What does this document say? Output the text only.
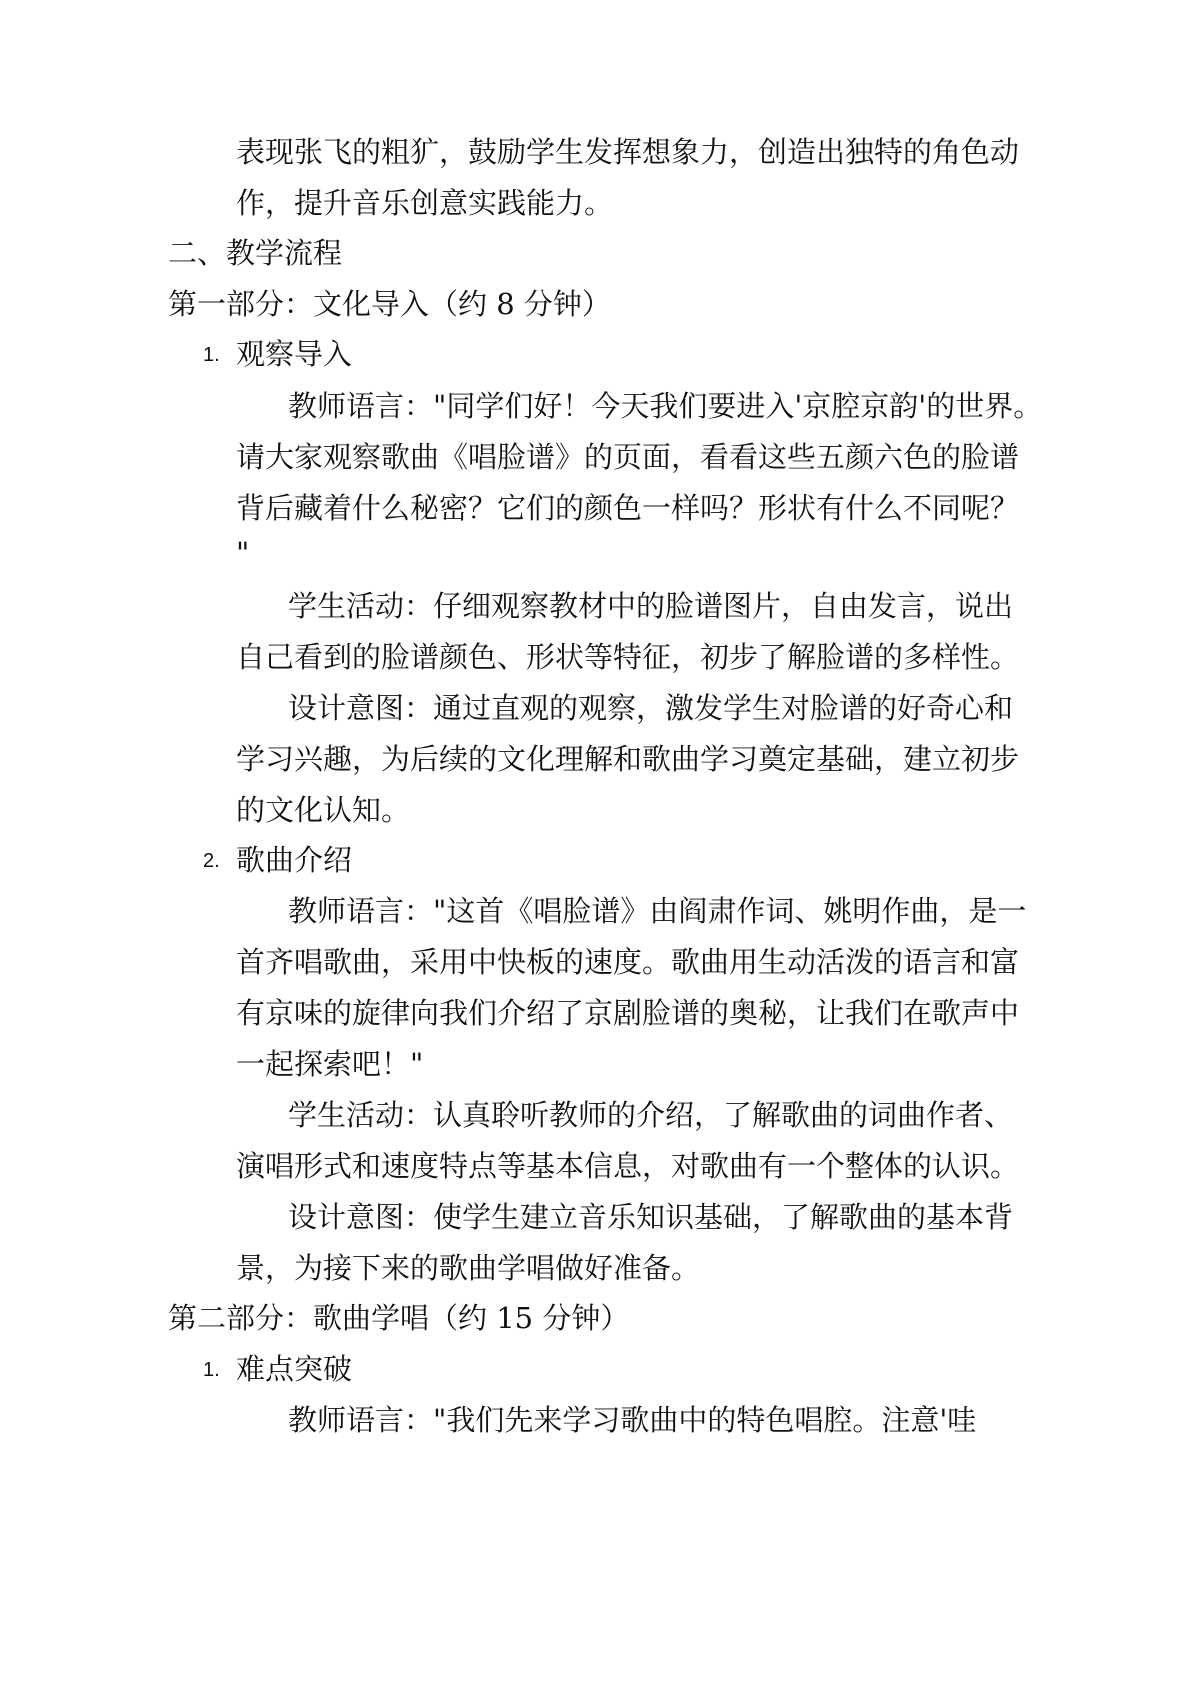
表现张飞的粗犷，鼓励学生发挥想象力，创造出独特的角色动
作，提升音乐创意实践能力。
二、教学流程
第一部分：文化导入（约 8 分钟）
1. 观察导入
教师语言："同学们好！今天我们要进入'京腔京韵'的世界。
请大家观察歌曲《唱脸谱》的页面，看看这些五颜六色的脸谱
背后藏着什么秘密？它们的颜色一样吗？形状有什么不同呢？
"
学生活动：仔细观察教材中的脸谱图片，自由发言，说出
自己看到的脸谱颜色、形状等特征，初步了解脸谱的多样性。
设计意图：通过直观的观察，激发学生对脸谱的好奇心和
学习兴趣，为后续的文化理解和歌曲学习奠定基础，建立初步
的文化认知。
2. 歌曲介绍
教师语言："这首《唱脸谱》由阎肃作词、姚明作曲，是一
首齐唱歌曲，采用中快板的速度。歌曲用生动活泼的语言和富
有京味的旋律向我们介绍了京剧脸谱的奥秘，让我们在歌声中
一起探索吧！"
学生活动：认真聆听教师的介绍，了解歌曲的词曲作者、
演唱形式和速度特点等基本信息，对歌曲有一个整体的认识。
设计意图：使学生建立音乐知识基础，了解歌曲的基本背
景，为接下来的歌曲学唱做好准备。
第二部分：歌曲学唱（约 15 分钟）
1. 难点突破
教师语言："我们先来学习歌曲中的特色唱腔。注意'哇
